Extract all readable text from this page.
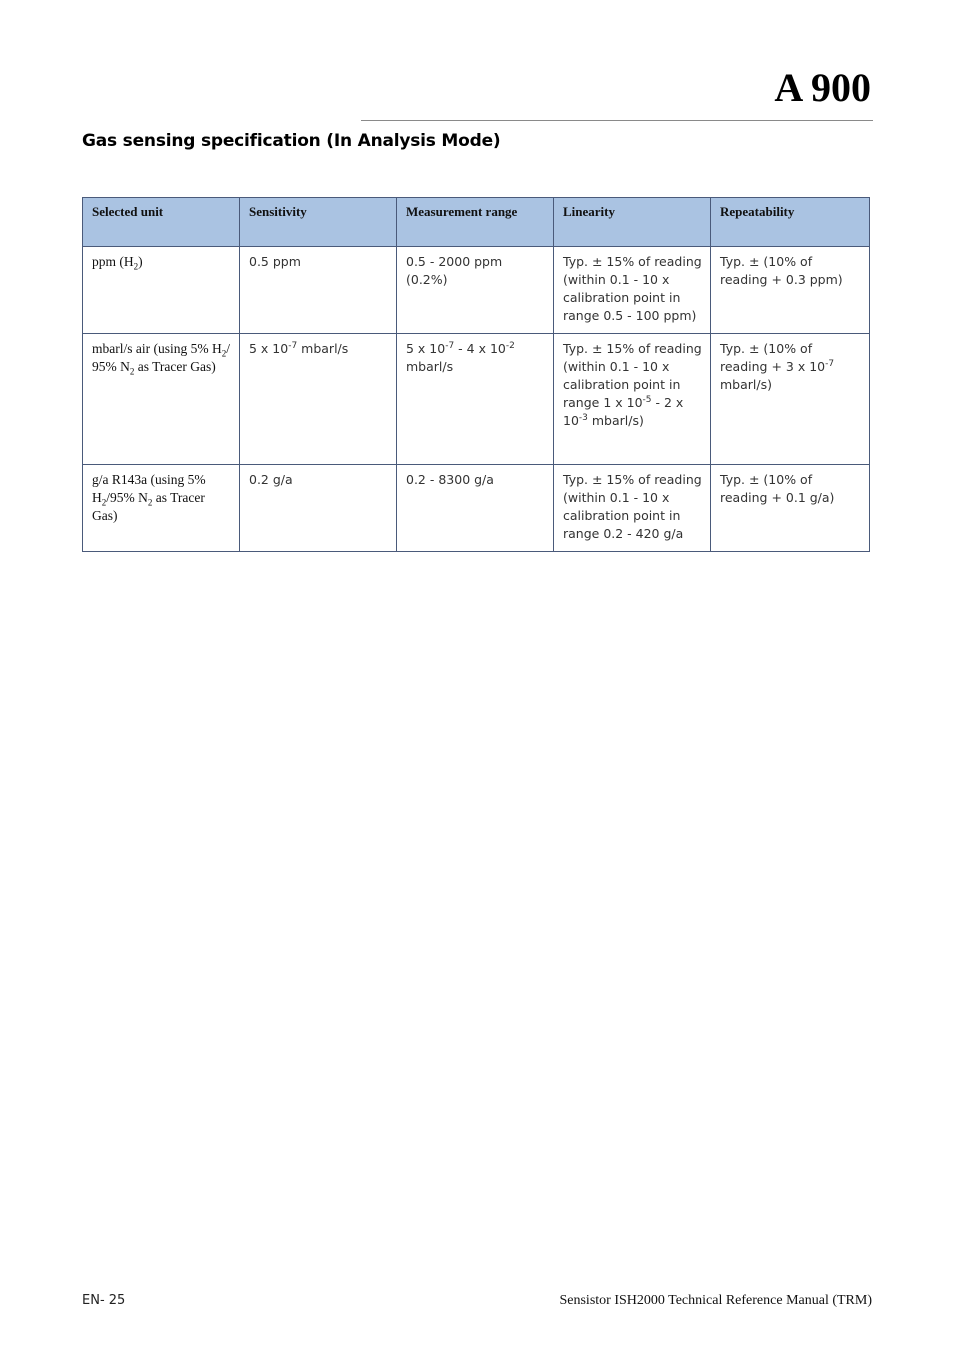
A 900
Gas sensing specification (In Analysis Mode)
Selected unit	Sensitivity	Measurement range	Linearity	Repeatability
ppm $(H_2)$	0.5 ppm	0.5 - 2000 ppm (0.2%)	Typ. ± 15% of reading (within 0.1 - 10 x calibration point in range 0.5 - 100 ppm)	Typ. ± (10% of reading + 0.3 ppm)
mbarl/s air (using 5% $H_2/$ 95% $N_2$ as Tracer Gas)	5 x $10^{-7}$ mbarl/s	5 x $10^{-7} - 4$ x $10^{-2}$ mbarl/s	Typ. ± 15% of reading (within 0.1 - 10 x calibration point in range 1 x $10^{-5} - 2$ x $10^{-3}$ mbarl/s)	Typ. ± (10% of reading + 3 x $10^{-7}$ mbarl/s)
g/a R143a (using 5% $H_2/95\%$ $N_2$ as Tracer Gas)	0.2 g/a	0.2 - 8300 g/a	Typ. ± 15% of reading (within 0.1 - 10 x calibration point in range 0.2 - 420 g/a	Typ. ± (10% of reading + 0.1 g/a)
EN- 25	Sensistor ISH2000 Technical Reference Manual (TRM)
